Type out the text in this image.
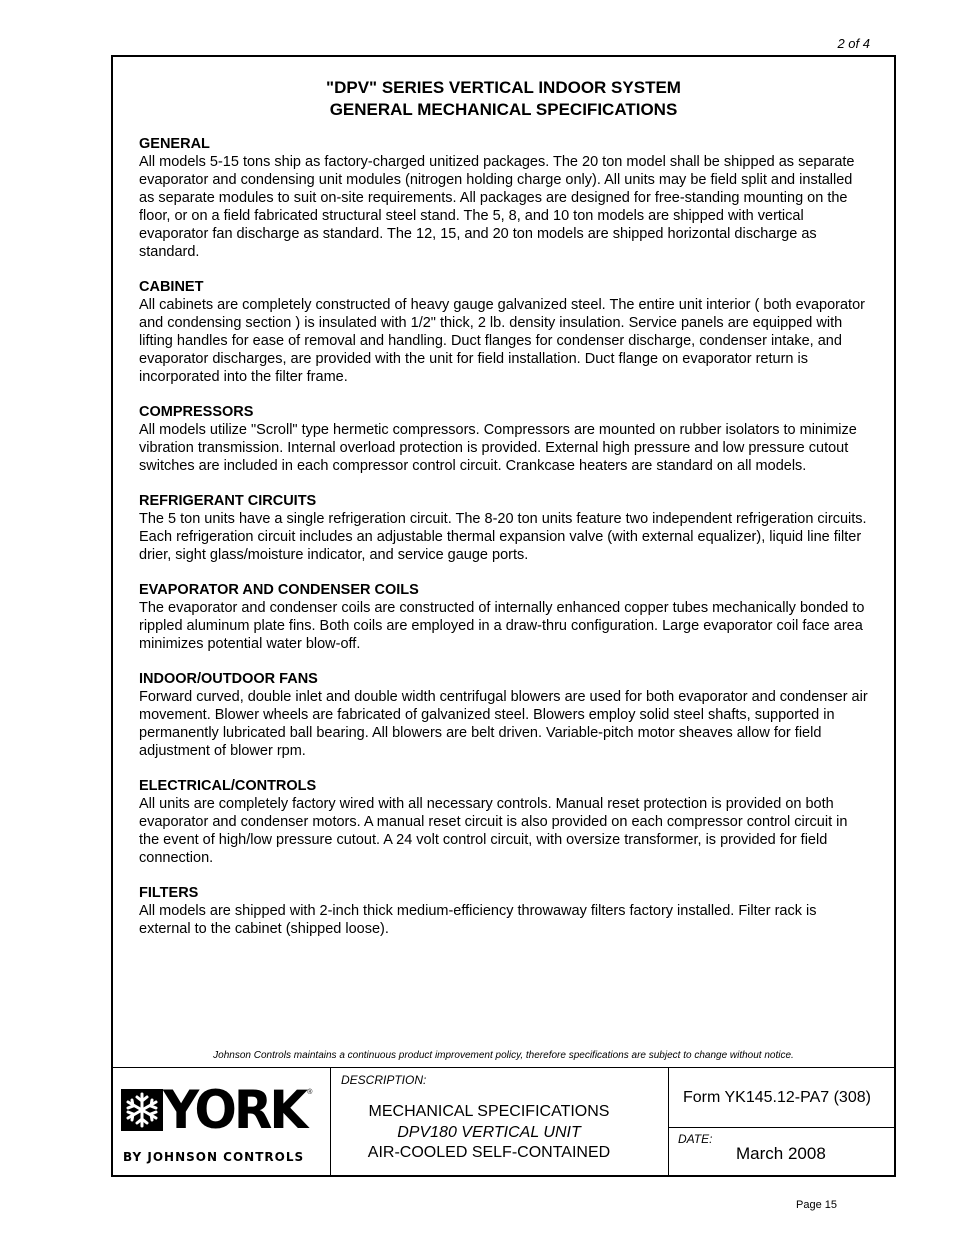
2 of 4
"DPV" SERIES VERTICAL INDOOR SYSTEM
GENERAL MECHANICAL SPECIFICATIONS
GENERAL

All models 5-15 tons ship as factory-charged unitized packages. The 20 ton model shall be shipped as separate evaporator and condensing unit modules (nitrogen holding charge only). All units may be field split and installed as separate modules to suit on-site requirements. All packages are designed for free-standing mounting on the floor, or on a field fabricated structural steel stand. The 5, 8, and 10 ton models are shipped with vertical evaporator fan discharge as standard. The 12, 15, and 20 ton models are shipped horizontal discharge as standard.

CABINET

All cabinets are completely constructed of heavy gauge galvanized steel. The entire unit interior ( both evaporator and condensing section ) is insulated with 1/2" thick, 2 lb. density insulation. Service panels are equipped with lifting handles for ease of removal and handling. Duct flanges for condenser discharge, condenser intake, and evaporator discharges, are provided with the unit for field installation. Duct flange on evaporator return is incorporated into the filter frame.

COMPRESSORS

All models utilize "Scroll" type hermetic compressors. Compressors are mounted on rubber isolators to minimize vibration transmission. Internal overload protection is provided. External high pressure and low pressure cutout switches are included in each compressor control circuit. Crankcase heaters are standard on all models.

REFRIGERANT CIRCUITS

The 5 ton units have a single refrigeration circuit. The 8-20 ton units feature two independent refrigeration circuits. Each refrigeration circuit includes an adjustable thermal expansion valve (with external equalizer), liquid line filter drier, sight glass/moisture indicator, and service gauge ports.

EVAPORATOR AND CONDENSER COILS

The evaporator and condenser coils are constructed of internally enhanced copper tubes mechanically bonded to rippled aluminum plate fins. Both coils are employed in a draw-thru configuration. Large evaporator coil face area minimizes potential water blow-off.

INDOOR/OUTDOOR FANS

Forward curved, double inlet and double width centrifugal blowers are used for both evaporator and condenser air movement. Blower wheels are fabricated of galvanized steel. Blowers employ solid steel shafts, supported in permanently lubricated ball bearing. All blowers are belt driven. Variable-pitch motor sheaves allow for field adjustment of blower rpm.

ELECTRICAL/CONTROLS

All units are completely factory wired with all necessary controls. Manual reset protection is provided on both evaporator and condenser motors. A manual reset circuit is also provided on each compressor control circuit in the event of high/low pressure cutout. A 24 volt control circuit, with oversize transformer, is provided for field connection.

FILTERS

All models are shipped with 2-inch thick medium-efficiency throwaway filters factory installed. Filter rack is external to the cabinet (shipped loose).

Johnson Controls maintains a continuous product improvement policy, therefore specifications are subject to change without notice.
YORK ®
BY JOHNSON CONTROLS
DESCRIPTION:
MECHANICAL SPECIFICATIONS
DPV180 VERTICAL UNIT
AIR-COOLED SELF-CONTAINED
Form YK145.12-PA7 (308)
DATE:
March 2008
Page 15
